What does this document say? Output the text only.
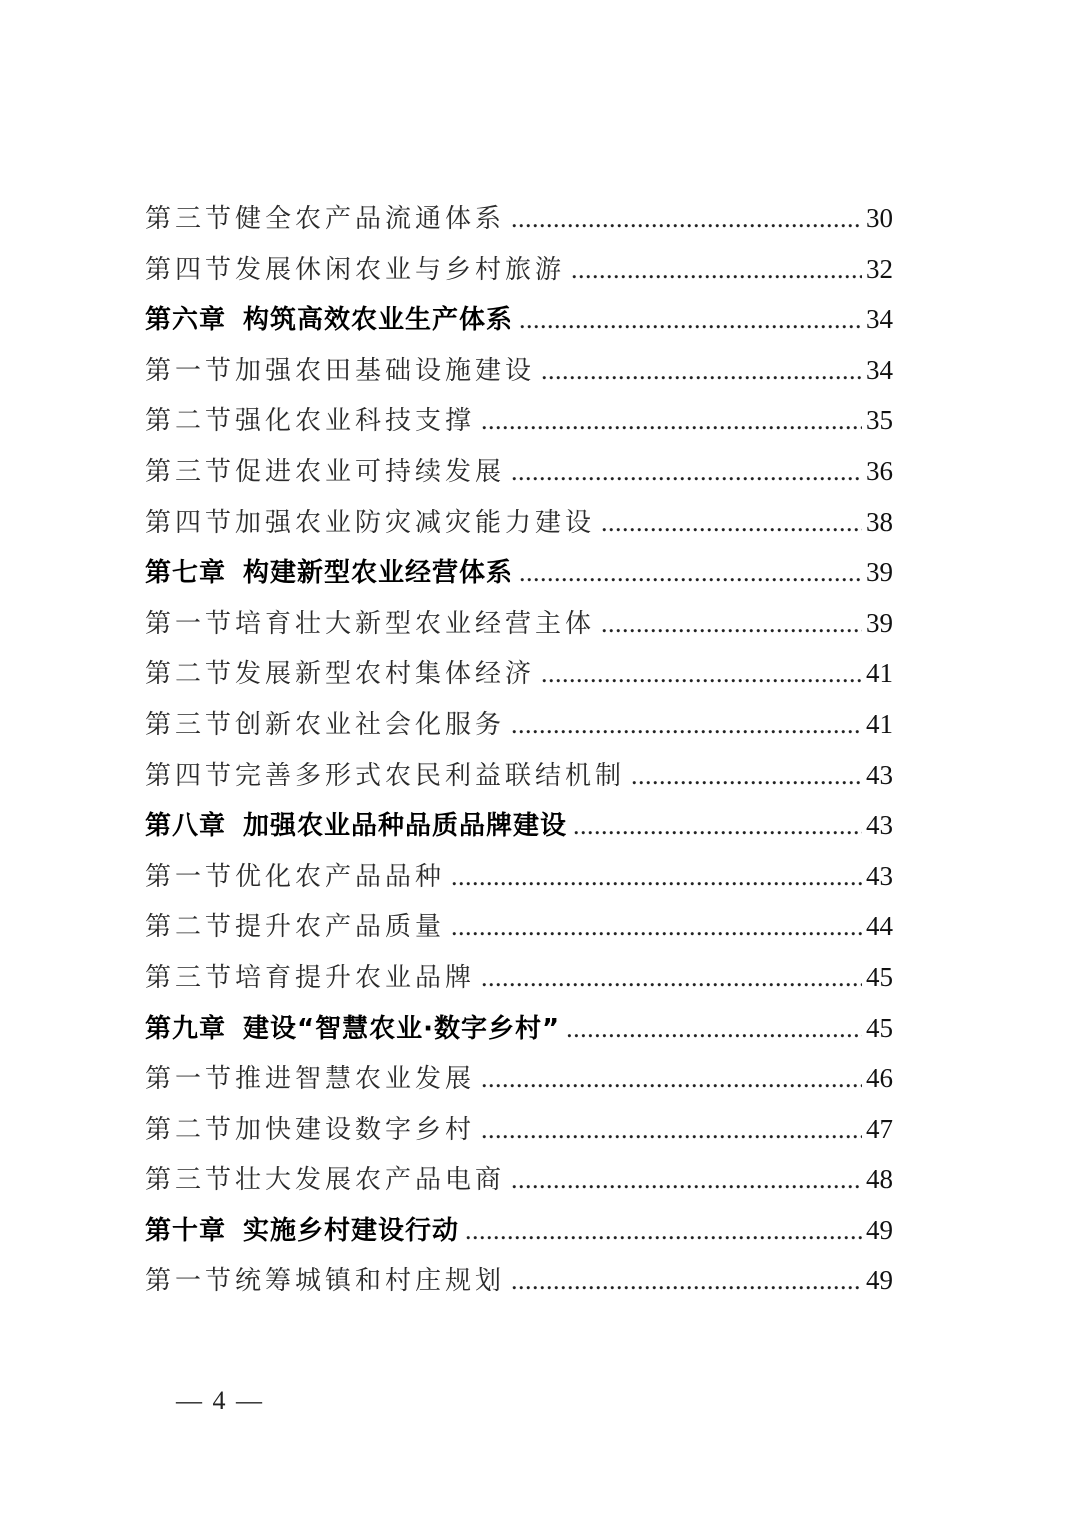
第三节健全农产品流通体系 .....	30
第四节发展休闲农业与乡村旅游 .....	32
第六章 构筑高效农业生产体系 .....	34
第一节加强农田基础设施建设 .....	34
第二节强化农业科技支撑 .....	35
第三节促进农业可持续发展 .....	36
第四节加强农业防灾减灾能力建设 .....	38
第七章 构建新型农业经营体系 .....	39
第一节培育壮大新型农业经营主体 .....	39
第二节发展新型农村集体经济 .....	41
第三节创新农业社会化服务 .....	41
第四节完善多形式农民利益联结机制 .....	43
第八章 加强农业品种品质品牌建设 .....	43
第一节优化农产品品种 .....	43
第二节提升农产品质量 .....	44
第三节培育提升农业品牌 .....	45
第九章 建设“智慧农业·数字乡村” .....	45
第一节推进智慧农业发展 .....	46
第二节加快建设数字乡村 .....	47
第三节壮大发展农产品电商 .....	48
第十章 实施乡村建设行动 .....	49
第一节统筹城镇和村庄规划 .....	49
— 4 —
